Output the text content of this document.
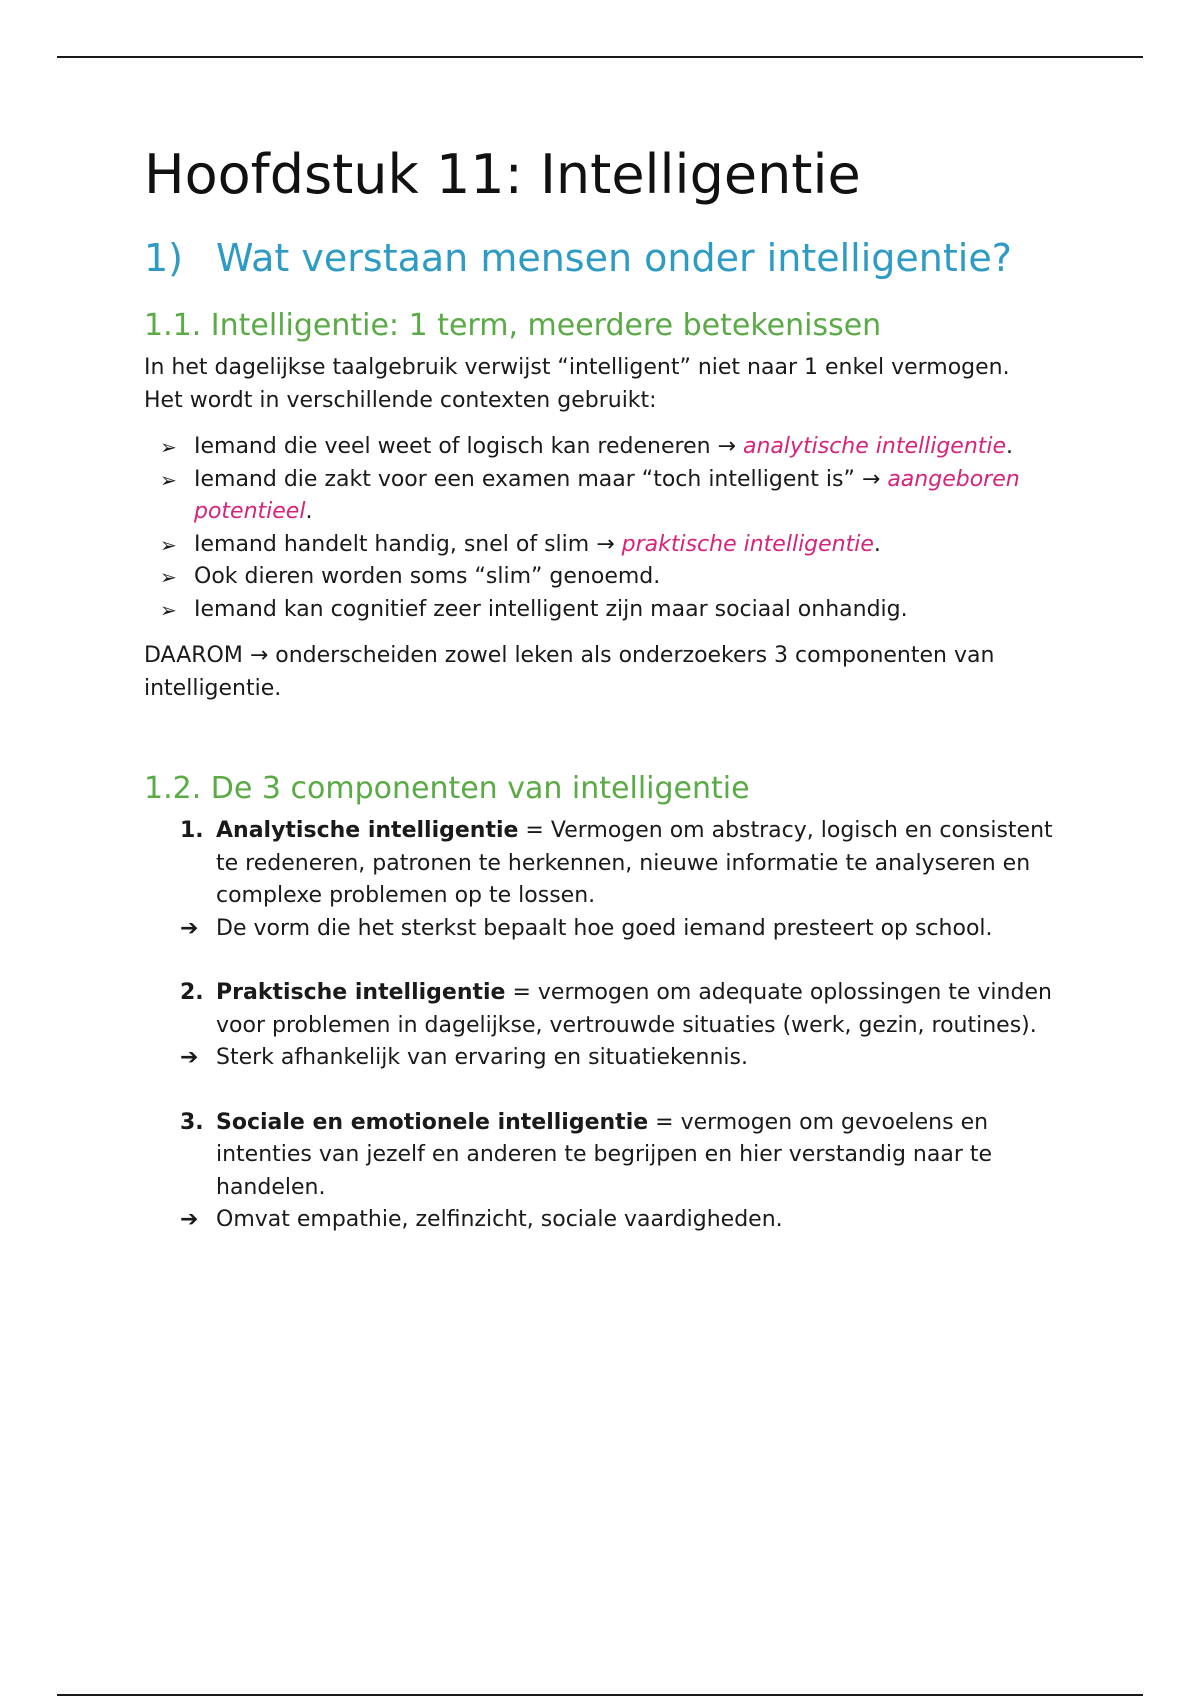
Hoofdstuk 11: Intelligentie
1) Wat verstaan mensen onder intelligentie?
1.1. Intelligentie: 1 term, meerdere betekenissen

In het dagelijkse taalgebruik verwijst “intelligent” niet naar 1 enkel vermogen.

Het wordt in verschillende contexten gebruikt:

➢ Iemand die veel weet of logisch kan redeneren → analytische intelligentie.
➢ Iemand die zakt voor een examen maar “toch intelligent is” → aangeboren potentieel.
➢ Iemand handelt handig, snel of slim → praktische intelligentie.
➢ Ook dieren worden soms “slim” genoemd.
➢ Iemand kan cognitief zeer intelligent zijn maar sociaal onhandig.

DAAROM → onderscheiden zowel leken als onderzoekers 3 componenten van intelligentie.

1.2. De 3 componenten van intelligentie
1. Analytische intelligentie = Vermogen om abstracy, logisch en consistent te redeneren, patronen te herkennen, nieuwe informatie te analyseren en complexe problemen op te lossen.
➔ De vorm die het sterkst bepaalt hoe goed iemand presteert op school.
2. Praktische intelligentie = vermogen om adequate oplossingen te vinden voor problemen in dagelijkse, vertrouwde situaties (werk, gezin, routines).
➔ Sterk afhankelijk van ervaring en situatiekennis.
3. Sociale en emotionele intelligentie = vermogen om gevoelens en intenties van jezelf en anderen te begrijpen en hier verstandig naar te handelen.
➔ Omvat empathie, zelfinzicht, sociale vaardigheden.
